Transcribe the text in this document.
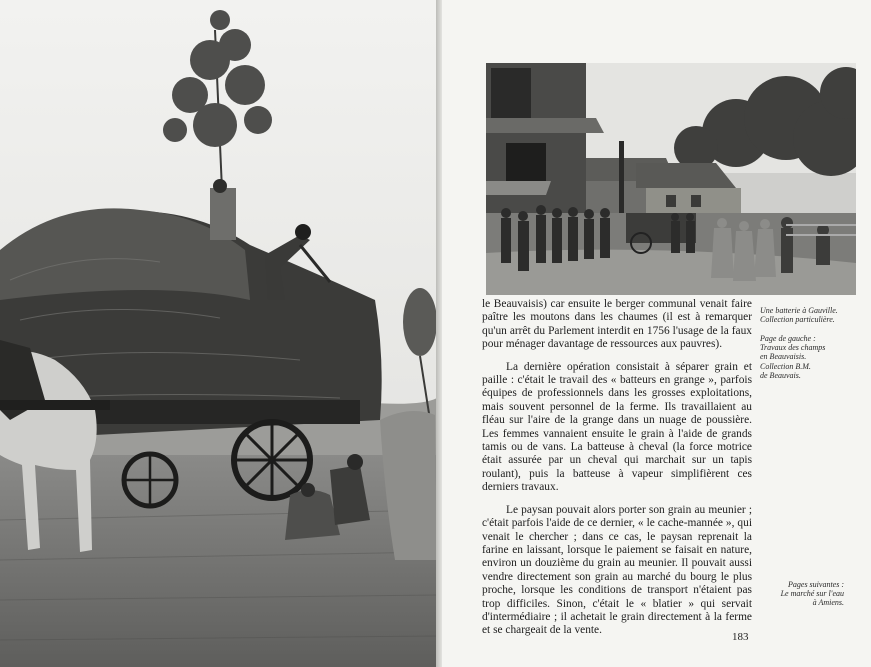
le Beauvaisis) car ensuite le berger communal venait faire paître les moutons dans les chaumes (il est à remarquer qu'un arrêt du Parlement interdit en 1756 l'usage de la faux pour ménager davantage de ressources aux pauvres).

La dernière opération consistait à séparer grain et paille : c'était le travail des « batteurs en grange », parfois équipes de professionnels dans les grosses exploitations, mais souvent personnel de la ferme. Ils travaillaient au fléau sur l'aire de la grange dans un nuage de poussière. Les femmes vannaient ensuite le grain à l'aide de grands tamis ou de vans. La batteuse à cheval (la force motrice était assurée par un cheval qui marchait sur un tapis roulant), puis la batteuse à vapeur simplifièrent ces derniers travaux.

Le paysan pouvait alors porter son grain au meunier ; c'était parfois l'aide de ce dernier, « le cache-mannée », qui venait le chercher ; dans ce cas, le paysan reprenait la farine en laissant, lorsque le paiement se faisait en nature, environ un douzième du grain au meunier. Il pouvait aussi vendre directement son grain au marché du bourg le plus proche, lorsque les conditions de transport n'étaient pas trop difficiles. Sinon, c'était le « blatier » qui servait d'intermédiaire ; il achetait le grain directement à la ferme et se chargeait de la vente.

Une batterie à Gauville.
Collection particulière.
Page de gauche :
Travaux des champs
en Beauvaisis.
Collection B.M.
de Beauvais.
Pages suivantes :
Le marché sur l'eau
à Amiens.
183
